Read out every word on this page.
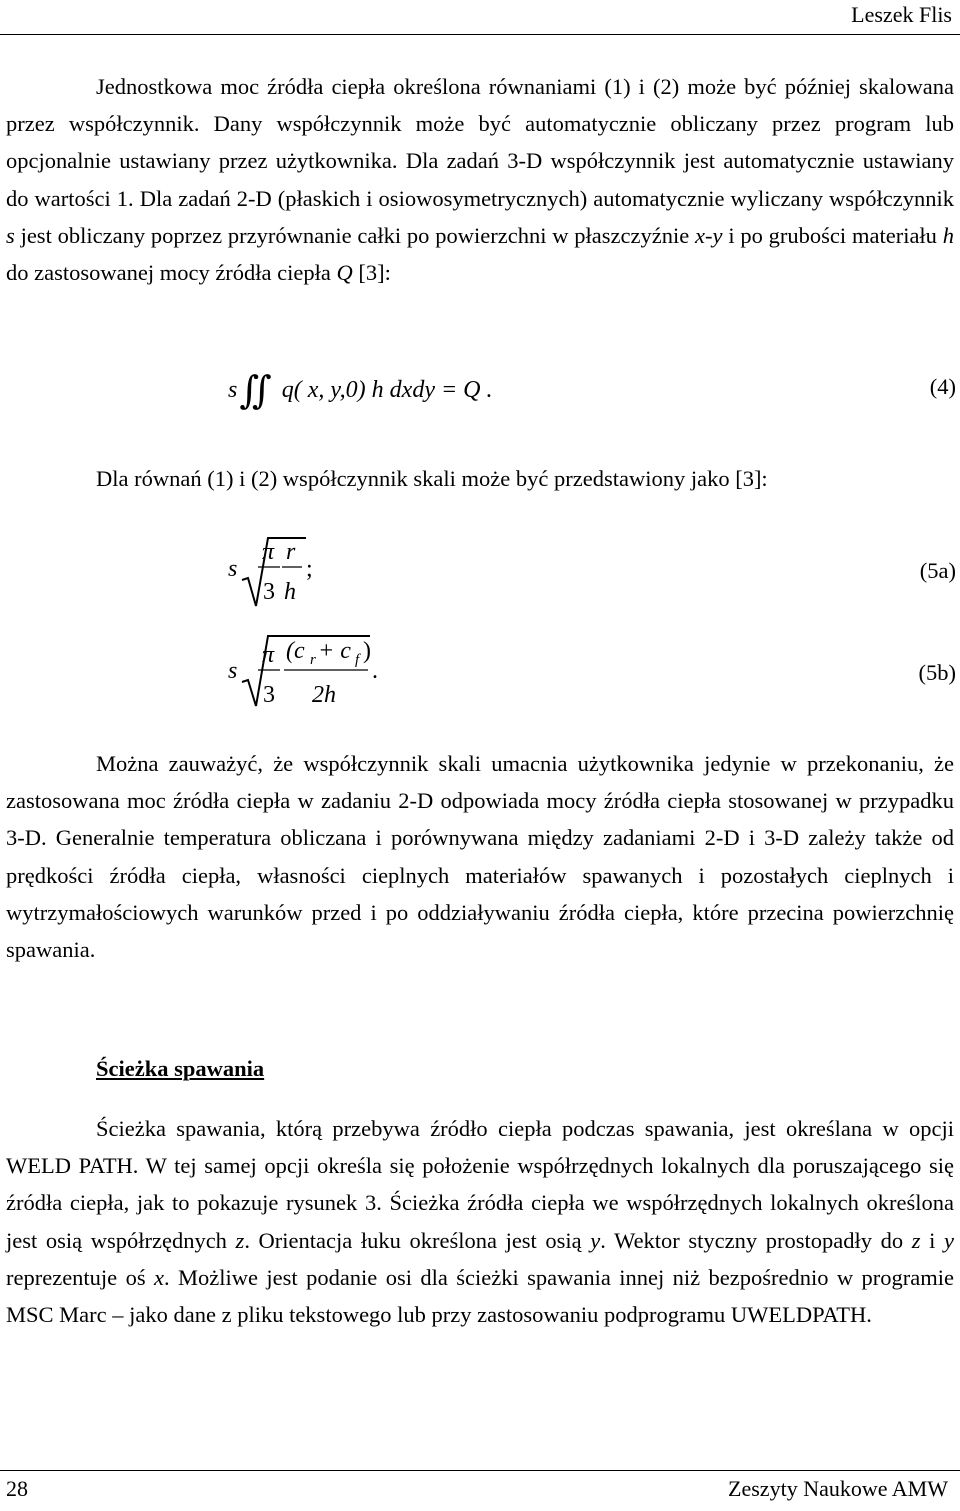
Leszek Flis

Jednostkowa moc źródła ciepła określona równaniami (1) i (2) może być później skalowana przez współczynnik. Dany współczynnik może być automatycznie obliczany przez program lub opcjonalnie ustawiany przez użytkownika. Dla zadań 3-D współczynnik jest automatycznie ustawiany do wartości 1. Dla zadań 2-D (płaskich i osiowosymetrycznych) automatycznie wyliczany współczynnik s jest obliczany poprzez przyrównanie całki po powierzchni w płaszczyźnie x-y i po grubości materiału h do zastosowanej mocy źródła ciepła Q [3]:

s∬ q( x, y,0) h dxdy = Q .	(4)

Dla równań (1) i (2) współczynnik skali może być przedstawiony jako [3]:

s
π
3
r
h
;	(5a)
s
π
3
(c r + c f )
2h
.	(5b)

Można zauważyć, że współczynnik skali umacnia użytkownika jedynie w przekonaniu, że zastosowana moc źródła ciepła w zadaniu 2-D odpowiada mocy źródła ciepła stosowanej w przypadku 3-D. Generalnie temperatura obliczana i porównywana między zadaniami 2-D i 3-D zależy także od prędkości źródła ciepła, własności cieplnych materiałów spawanych i pozostałych cieplnych i wytrzymałościowych warunków przed i po oddziaływaniu źródła ciepła, które przecina powierzchnię spawania.

Ścieżka spawania

Ścieżka spawania, którą przebywa źródło ciepła podczas spawania, jest określana w opcji WELD PATH. W tej samej opcji określa się położenie współrzędnych lokalnych dla poruszającego się źródła ciepła, jak to pokazuje rysunek 3. Ścieżka źródła ciepła we współrzędnych lokalnych określona jest osią współrzędnych z. Orientacja łuku określona jest osią y. Wektor styczny prostopadły do z i y reprezentuje oś x. Możliwe jest podanie osi dla ścieżki spawania innej niż bezpośrednio w programie MSC Marc – jako dane z pliku tekstowego lub przy zastosowaniu podprogramu UWELDPATH.

28	Zeszyty Naukowe AMW
